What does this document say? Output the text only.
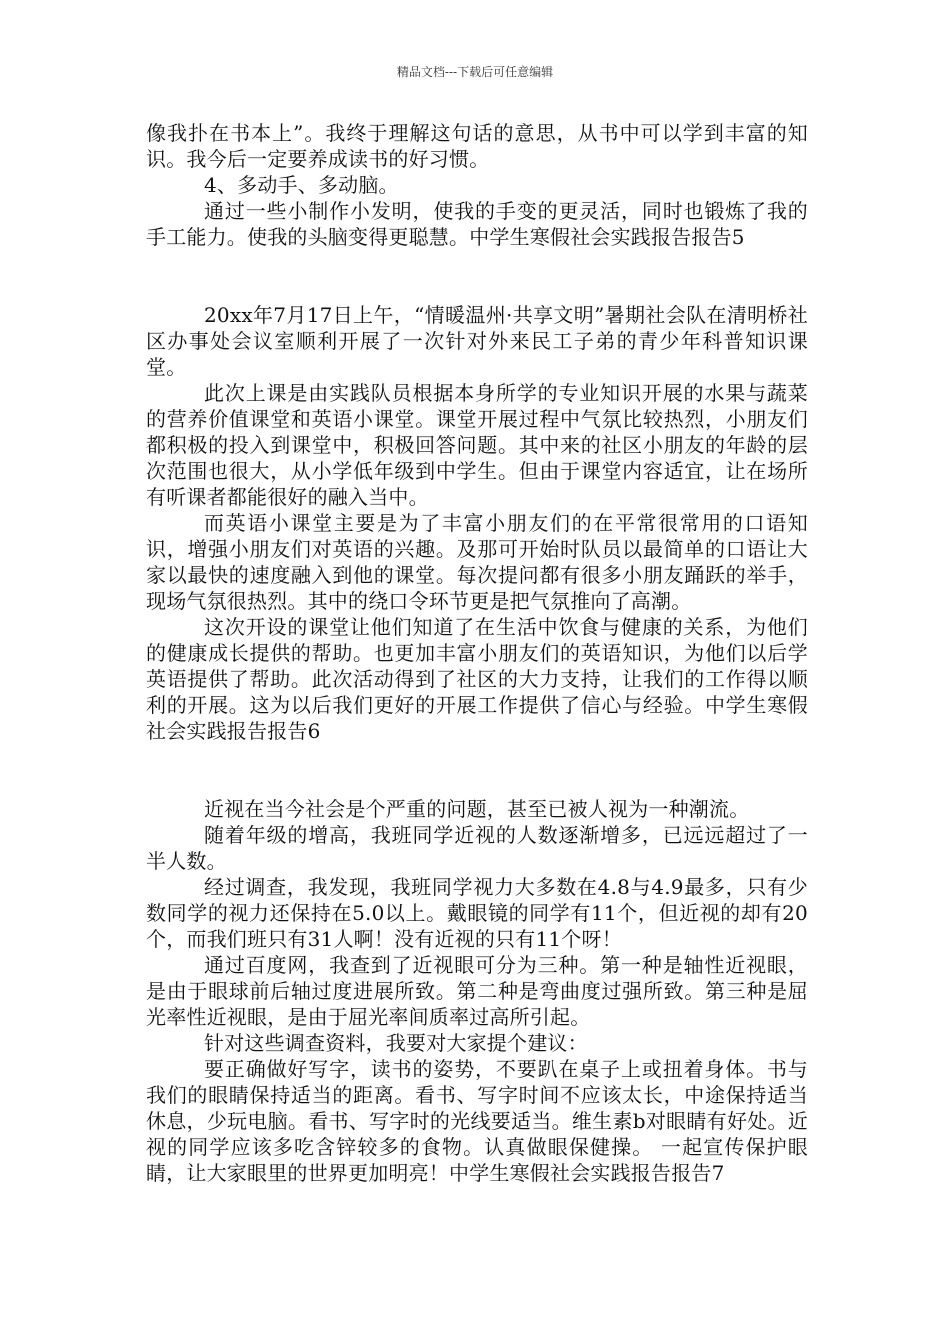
精品文档---下载后可任意编辑

像我扑在书本上”。我终于理解这句话的意思，从书中可以学到丰富的知识。我今后一定要养成读书的好习惯。

4、多动手、多动脑。

通过一些小制作小发明，使我的手变的更灵活，同时也锻炼了我的手工能力。使我的头脑变得更聪慧。中学生寒假社会实践报告报告5

20xx年7月17日上午，“情暖温州·共享文明”暑期社会队在清明桥社区办事处会议室顺利开展了一次针对外来民工子弟的青少年科普知识课堂。

此次上课是由实践队员根据本身所学的专业知识开展的水果与蔬菜的营养价值课堂和英语小课堂。课堂开展过程中气氛比较热烈，小朋友们都积极的投入到课堂中，积极回答问题。其中来的社区小朋友的年龄的层次范围也很大，从小学低年级到中学生。但由于课堂内容适宜，让在场所有听课者都能很好的融入当中。

而英语小课堂主要是为了丰富小朋友们的在平常很常用的口语知识，增强小朋友们对英语的兴趣。及那可开始时队员以最简单的口语让大家以最快的速度融入到他的课堂。每次提问都有很多小朋友踊跃的举手，现场气氛很热烈。其中的绕口令环节更是把气氛推向了高潮。

这次开设的课堂让他们知道了在生活中饮食与健康的关系，为他们的健康成长提供的帮助。也更加丰富小朋友们的英语知识，为他们以后学英语提供了帮助。此次活动得到了社区的大力支持，让我们的工作得以顺利的开展。这为以后我们更好的开展工作提供了信心与经验。中学生寒假社会实践报告报告6

近视在当今社会是个严重的问题，甚至已被人视为一种潮流。

随着年级的增高，我班同学近视的人数逐渐增多，已远远超过了一半人数。

经过调查，我发现，我班同学视力大多数在4.8与4.9最多，只有少数同学的视力还保持在5.0以上。戴眼镜的同学有11个，但近视的却有20个，而我们班只有31人啊！没有近视的只有11个呀！

通过百度网，我查到了近视眼可分为三种。第一种是轴性近视眼，是由于眼球前后轴过度进展所致。第二种是弯曲度过强所致。第三种是屈光率性近视眼，是由于屈光率间质率过高所引起。

针对这些调查资料，我要对大家提个建议：

要正确做好写字，读书的姿势，不要趴在桌子上或扭着身体。书与我们的眼睛保持适当的距离。看书、写字时间不应该太长，中途保持适当休息，少玩电脑。看书、写字时的光线要适当。维生素b对眼睛有好处。近视的同学应该多吃含锌较多的食物。认真做眼保健操。 一起宣传保护眼睛，让大家眼里的世界更加明亮！中学生寒假社会实践报告报告7
